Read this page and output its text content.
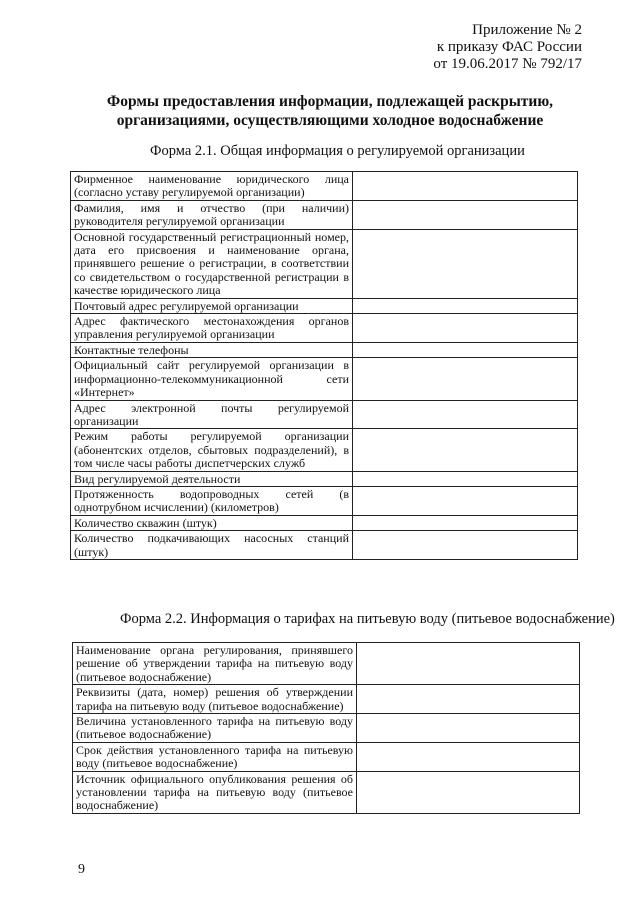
Приложение № 2
к приказу ФАС России
от 19.06.2017 № 792/17
Формы предоставления информации, подлежащей раскрытию,
организациями, осуществляющими холодное водоснабжение
Форма 2.1. Общая информация о регулируемой организации
Фирменное наименование юридического лица (согласно уставу регулируемой организации)	
Фамилия, имя и отчество (при наличии) руководителя регулируемой организации	
Основной государственный регистрационный номер, дата его присвоения и наименование органа, принявшего решение о регистрации, в соответствии со свидетельством о государственной регистрации в качестве юридического лица	
Почтовый адрес регулируемой организации	
Адрес фактического местонахождения органов управления регулируемой организации	
Контактные телефоны	
Официальный сайт регулируемой организации в информационно-телекоммуникационной сети «Интернет»	
Адрес электронной почты регулируемой организации	
Режим работы регулируемой организации (абонентских отделов, сбытовых подразделений), в том числе часы работы диспетчерских служб	
Вид регулируемой деятельности	
Протяженность водопроводных сетей (в однотрубном исчислении) (километров)	
Количество скважин (штук)	
Количество подкачивающих насосных станций (штук)	
Форма 2.2. Информация о тарифах на питьевую воду (питьевое водоснабжение)
Наименование органа регулирования, принявшего решение об утверждении тарифа на питьевую воду (питьевое водоснабжение)	
Реквизиты (дата, номер) решения об утверждении тарифа на питьевую воду (питьевое водоснабжение)	
Величина установленного тарифа на питьевую воду (питьевое водоснабжение)	
Срок действия установленного тарифа на питьевую воду (питьевое водоснабжение)	
Источник официального опубликования решения об установлении тарифа на питьевую воду (питьевое водоснабжение)	
9
